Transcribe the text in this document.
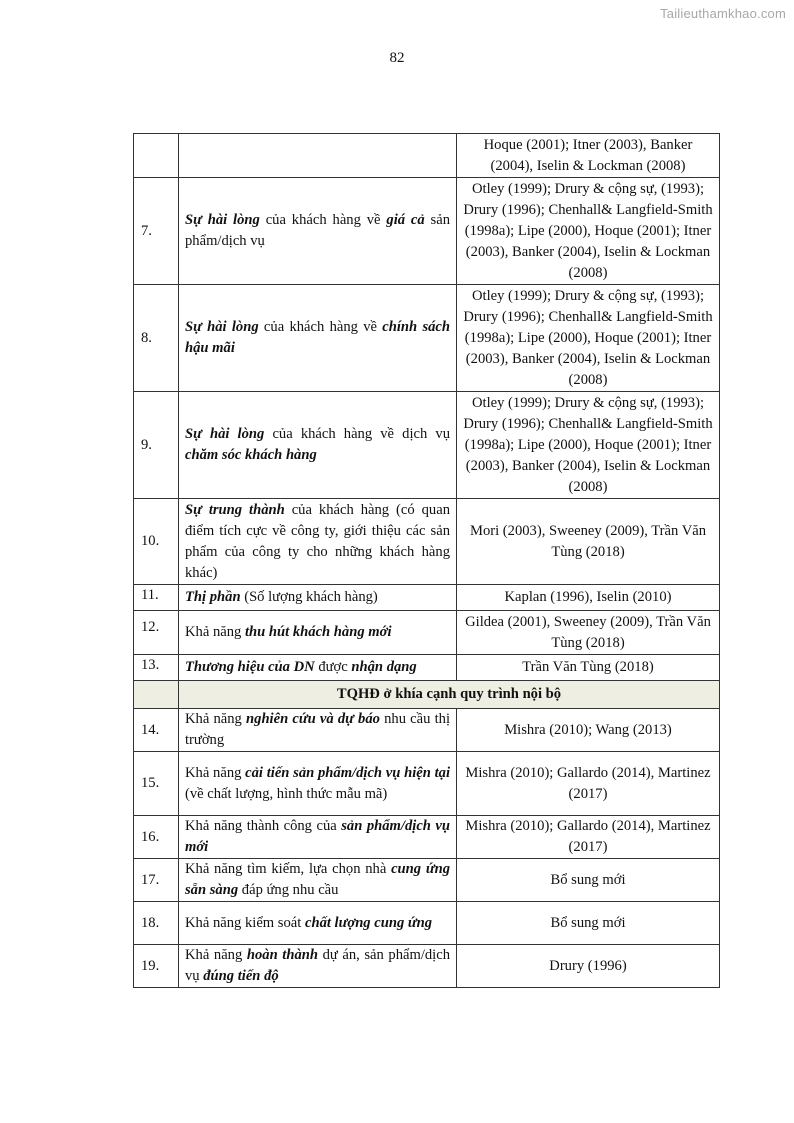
Tailieuthamkhao.com
82
		Hoque (2001); Itner (2003), Banker (2004), Iselin & Lockman (2008)
7.	Sự hài lòng của khách hàng về giá cả sản phẩm/dịch vụ	Otley (1999); Drury & cộng sự, (1993); Drury (1996); Chenhall& Langfield-Smith (1998a); Lipe (2000), Hoque (2001); Itner (2003), Banker (2004), Iselin & Lockman (2008)
8.	Sự hài lòng của khách hàng về chính sách hậu mãi	Otley (1999); Drury & cộng sự, (1993); Drury (1996); Chenhall& Langfield-Smith (1998a); Lipe (2000), Hoque (2001); Itner (2003), Banker (2004), Iselin & Lockman (2008)
9.	Sự hài lòng của khách hàng về dịch vụ chăm sóc khách hàng	Otley (1999); Drury & cộng sự, (1993); Drury (1996); Chenhall& Langfield-Smith (1998a); Lipe (2000), Hoque (2001); Itner (2003), Banker (2004), Iselin & Lockman (2008)
10.	Sự trung thành của khách hàng (có quan điểm tích cực về công ty, giới thiệu các sản phẩm của công ty cho những khách hàng khác)	Mori (2003), Sweeney (2009), Trần Văn Tùng (2018)
11.	Thị phần (Số lượng khách hàng)	Kaplan (1996), Iselin (2010)

12.	Khả năng thu hút khách hàng mới	Gildea (2001), Sweeney (2009), Trần Văn Tùng (2018)
13.	Thương hiệu của DN được nhận dạng	Trần Văn Tùng (2018)
	TQHĐ ở khía cạnh quy trình nội bộ	
14.	Khả năng nghiên cứu và dự báo nhu cầu thị trường	Mishra (2010); Wang (2013)
15.	Khả năng cải tiến sản phẩm/dịch vụ hiện tại (về chất lượng, hình thức mẫu mã)	Mishra (2010); Gallardo (2014), Martinez (2017)
16.	Khả năng thành công của sản phẩm/dịch vụ mới	Mishra (2010); Gallardo (2014), Martinez (2017)
17.	Khả năng tìm kiếm, lựa chọn nhà cung ứng sẵn sàng đáp ứng nhu cầu	Bổ sung mới
18.	Khả năng kiểm soát chất lượng cung ứng	Bổ sung mới
19.	Khả năng hoàn thành dự án, sản phẩm/dịch vụ đúng tiến độ	Drury (1996)
